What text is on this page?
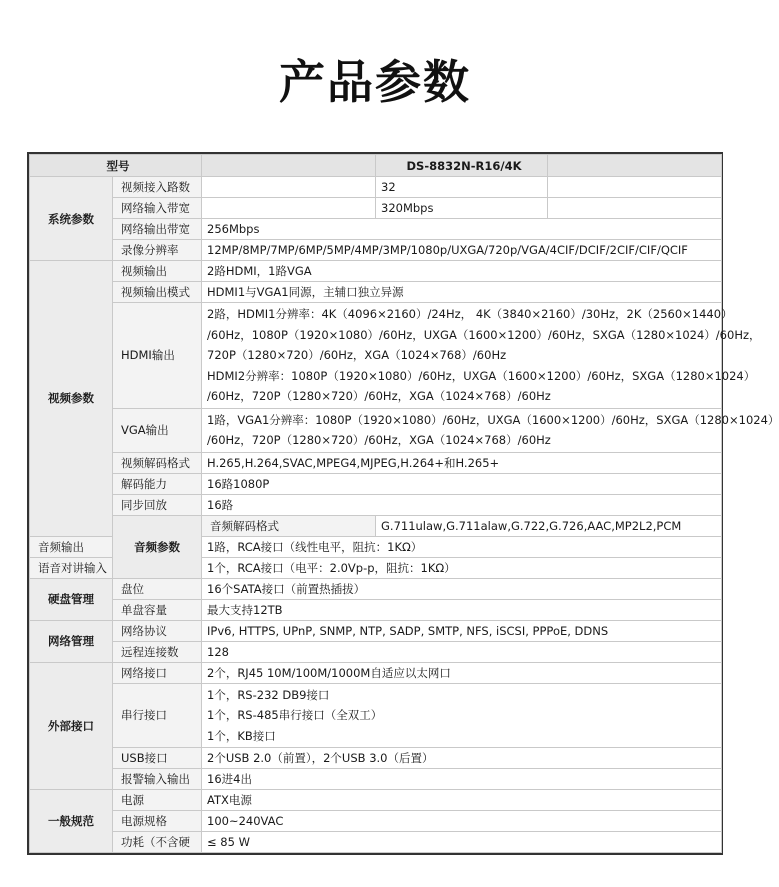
产品参数
型号			DS-8832N-R16/4K	
系统参数	视频接入路数		32	
	网络输入带宽		320Mbps	
	网络输出带宽	256Mbps		
	录像分辨率	12MP/8MP/7MP/6MP/5MP/4MP/3MP/1080p/UXGA/720p/VGA/4CIF/DCIF/2CIF/CIF/QCIF		
视频参数	视频输出	2路HDMI，1路VGA		
	视频输出模式	HDMI1与VGA1同源，主辅口独立异源		
	HDMI输出	2路，HDMI1分辨率：4K（4096×2160）/24Hz， 4K（3840×2160）/30Hz，2K（2560×1440）
/60Hz，1080P（1920×1080）/60Hz，UXGA（1600×1200）/60Hz，SXGA（1280×1024）/60Hz，
720P（1280×720）/60Hz，XGA（1024×768）/60Hz
HDMI2分辨率：1080P（1920×1080）/60Hz，UXGA（1600×1200）/60Hz，SXGA（1280×1024）
/60Hz，720P（1280×720）/60Hz，XGA（1024×768）/60Hz		

	VGA输出	1路，VGA1分辨率：1080P（1920×1080）/60Hz，UXGA（1600×1200）/60Hz，SXGA（1280×1024）
/60Hz，720P（1280×720）/60Hz，XGA（1024×768）/60Hz		

	视频解码格式	H.265,H.264,SVAC,MPEG4,MJPEG,H.264+和H.265+		
	解码能力	16路1080P		
	同步回放	16路		
	音频参数	音频解码格式	G.711ulaw,G.711alaw,G.722,G.726,AAC,MP2L2,PCM	
音频输出		1路，RCA接口（线性电平，阻抗：1KΩ）		
语音对讲输入		1个，RCA接口（电平：2.0Vp-p，阻抗：1KΩ）		
硬盘管理	盘位	16个SATA接口（前置热插拔）		
	单盘容量	最大支持12TB		
网络管理	网络协议	IPv6, HTTPS, UPnP, SNMP, NTP, SADP, SMTP, NFS, iSCSI, PPPoE, DDNS		
	远程连接数	128		
外部接口	网络接口	2个，RJ45 10M/100M/1000M自适应以太网口		
	串行接口	1个，RS-232 DB9接口
1个，RS-485串行接口（全双工）
1个，KB接口		

	USB接口	2个USB 2.0（前置），2个USB 3.0（后置）		
	报警输入输出	16进4出		
一般规范	电源	ATX电源		
	电源规格	100~240VAC		
	功耗（不含硬	≤ 85 W		
